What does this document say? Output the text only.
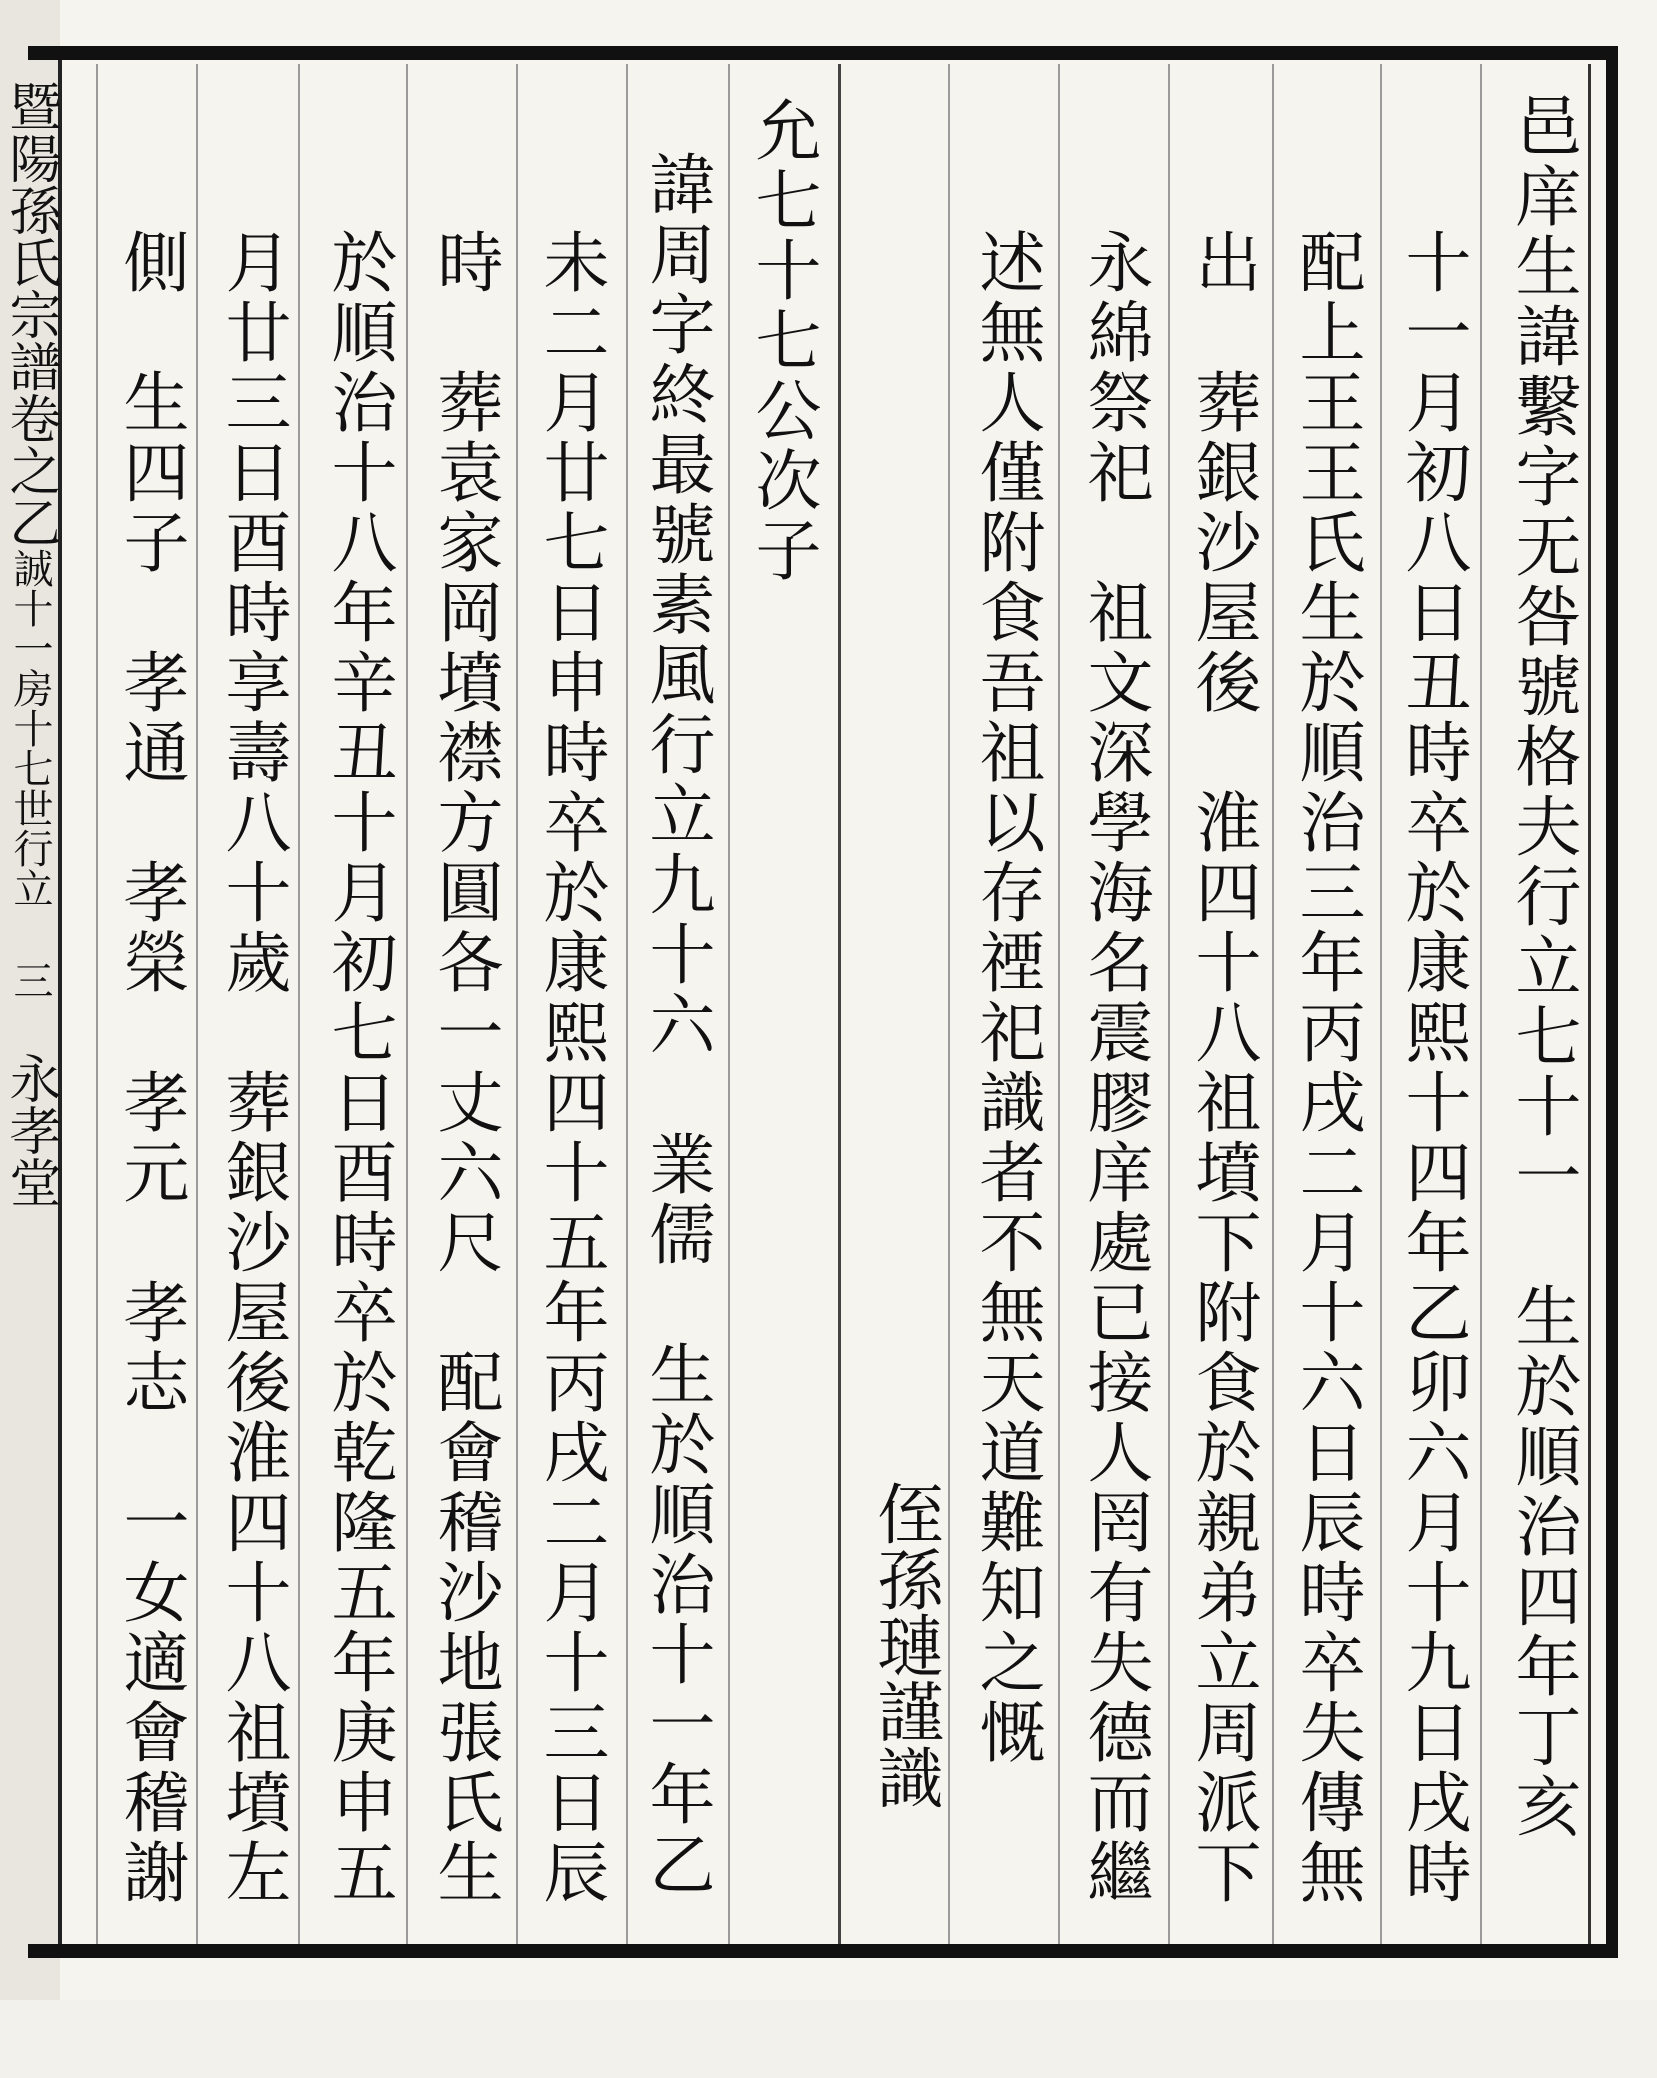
邑庠生諱繫字无咎號格夫行立七十一　生於順治四年丁亥
十一月初八日丑時卒於康熙十四年乙卯六月十九日戌時
配上王王氏生於順治三年丙戌二月十六日辰時卒失傳無
出　葬銀沙屋後　淮四十八祖墳下附食於親弟立周派下
永綿祭祀　祖文深學海名震膠庠處已接人罔有失德而繼
述無人僅附食吾祖以存禋祀識者不無天道難知之慨
侄孫璉謹識
允七十七公次子
諱周字終最號素風行立九十六　業儒　生於順治十一年乙
未二月廿七日申時卒於康熙四十五年丙戌二月十三日辰
時　葬袁家岡墳襟方圓各一丈六尺　配會稽沙地張氏生
於順治十八年辛丑十月初七日酉時卒於乾隆五年庚申五
月廿三日酉時享壽八十歲　葬銀沙屋後淮四十八祖墳左
側　生四子　孝通　孝榮　孝元　孝志　一女適會稽謝
暨陽孫氏宗譜卷之乙誠十一房十七世行立　三　永孝堂
